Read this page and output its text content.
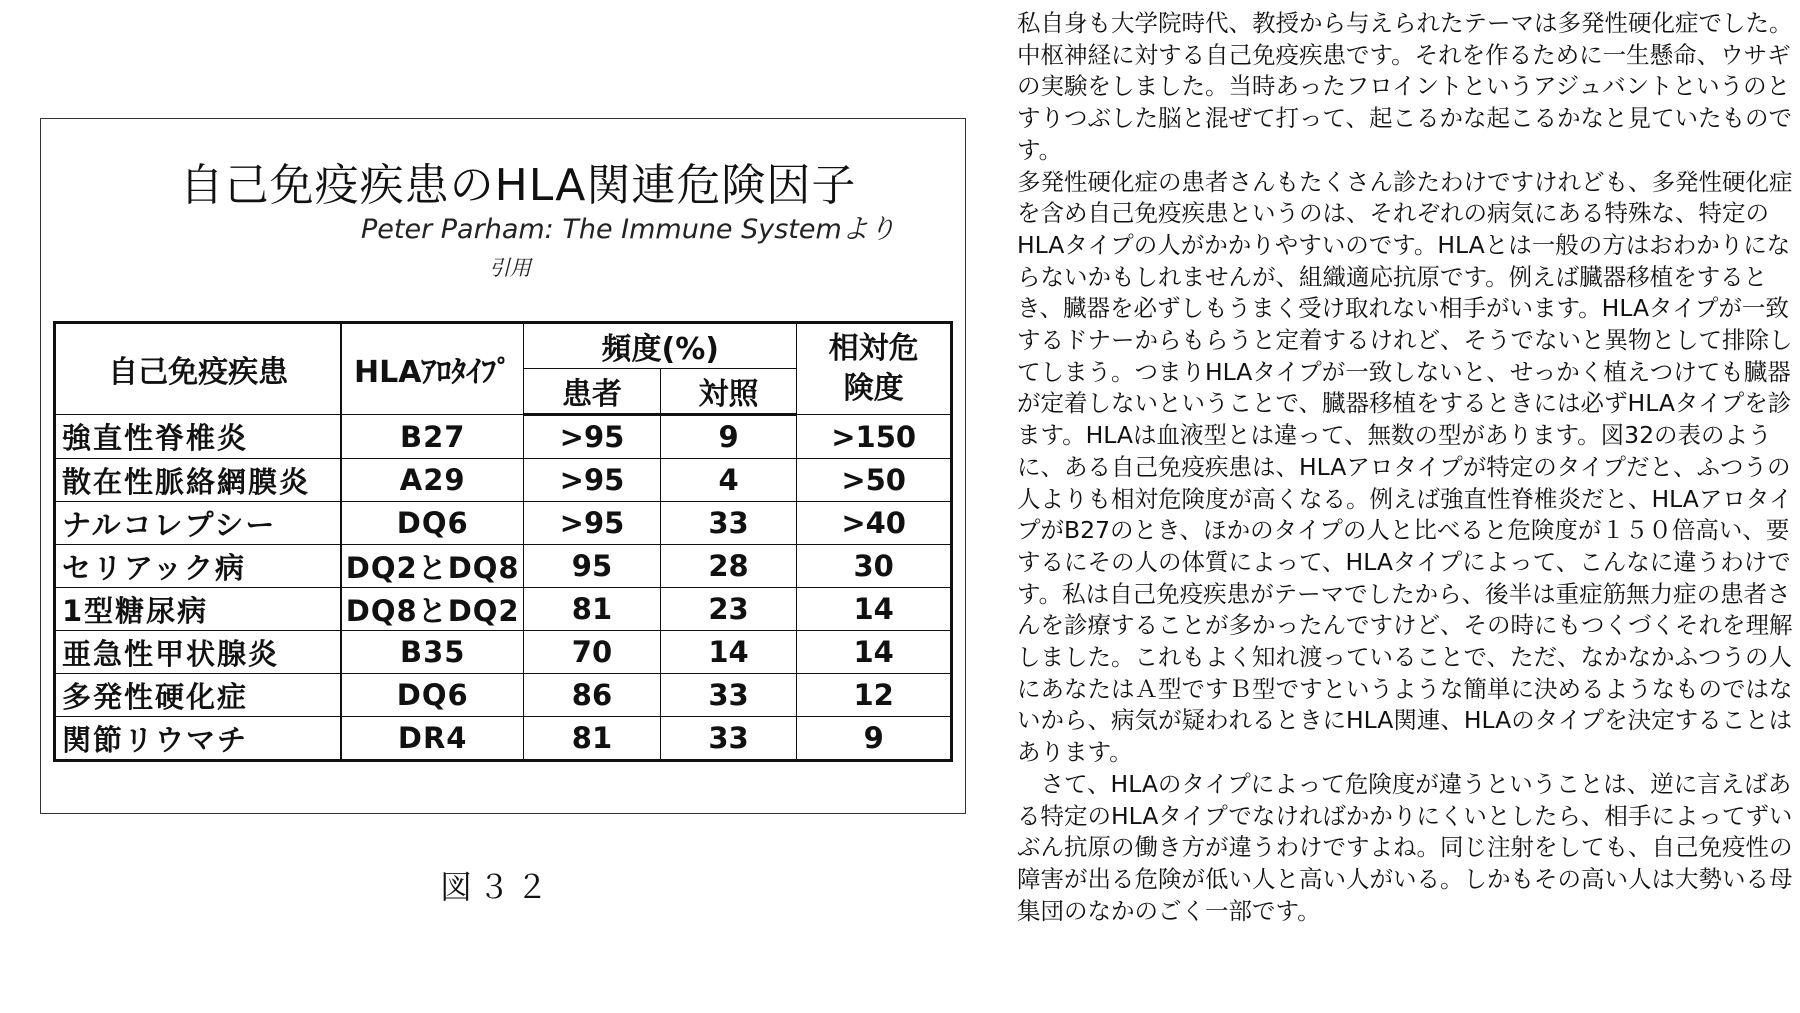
自己免疫疾患のHLA関連危険因子
Peter Parham: The Immune Systemより
引用
自己免疫疾患	HLAｱﾛﾀｲﾌﾟ	頻度(%)		相対危険度
		患者	対照	
強直性脊椎炎	B27	>95	9	>150
散在性脈絡網膜炎	A29	>95	4	>50
ナルコレプシー	DQ6	>95	33	>40
セリアック病	DQ2とDQ8	95	28	30
1型糖尿病	DQ8とDQ2	81	23	14
亜急性甲状腺炎	B35	70	14	14
多発性硬化症	DQ6	86	33	12
関節リウマチ	DR4	81	33	9
図３２

私自身も大学院時代、教授から与えられたテーマは多発性硬化症でした。中枢神経に対する自己免疫疾患です。それを作るために一生懸命、ウサギの実験をしました。当時あったフロイントというアジュバントというのとすりつぶした脳と混ぜて打って、起こるかな起こるかなと見ていたものです。

多発性硬化症の患者さんもたくさん診たわけですけれども、多発性硬化症を含め自己免疫疾患というのは、それぞれの病気にある特殊な、特定のHLAタイプの人がかかりやすいのです。HLAとは一般の方はおわかりにならないかもしれませんが、組織適応抗原です。例えば臓器移植をするとき、臓器を必ずしもうまく受け取れない相手がいます。HLAタイプが一致するドナーからもらうと定着するけれど、そうでないと異物として排除してしまう。つまりHLAタイプが一致しないと、せっかく植えつけても臓器が定着しないということで、臓器移植をするときには必ずHLAタイプを診ます。HLAは血液型とは違って、無数の型があります。図32の表のように、ある自己免疫疾患は、HLAアロタイプが特定のタイプだと、ふつうの人よりも相対危険度が高くなる。例えば強直性脊椎炎だと、HLAアロタイプがB27のとき、ほかのタイプの人と比べると危険度が１５０倍高い、要するにその人の体質によって、HLAタイプによって、こんなに違うわけです。私は自己免疫疾患がテーマでしたから、後半は重症筋無力症の患者さんを診療することが多かったんですけど、その時にもつくづくそれを理解しました。これもよく知れ渡っていることで、ただ、なかなかふつうの人にあなたはＡ型ですＢ型ですというような簡単に決めるようなものではないから、病気が疑われるときにHLA関連、HLAのタイプを決定することはあります。

さて、HLAのタイプによって危険度が違うということは、逆に言えばある特定のHLAタイプでなければかかりにくいとしたら、相手によってずいぶん抗原の働き方が違うわけですよね。同じ注射をしても、自己免疫性の障害が出る危険が低い人と高い人がいる。しかもその高い人は大勢いる母集団のなかのごく一部です。
